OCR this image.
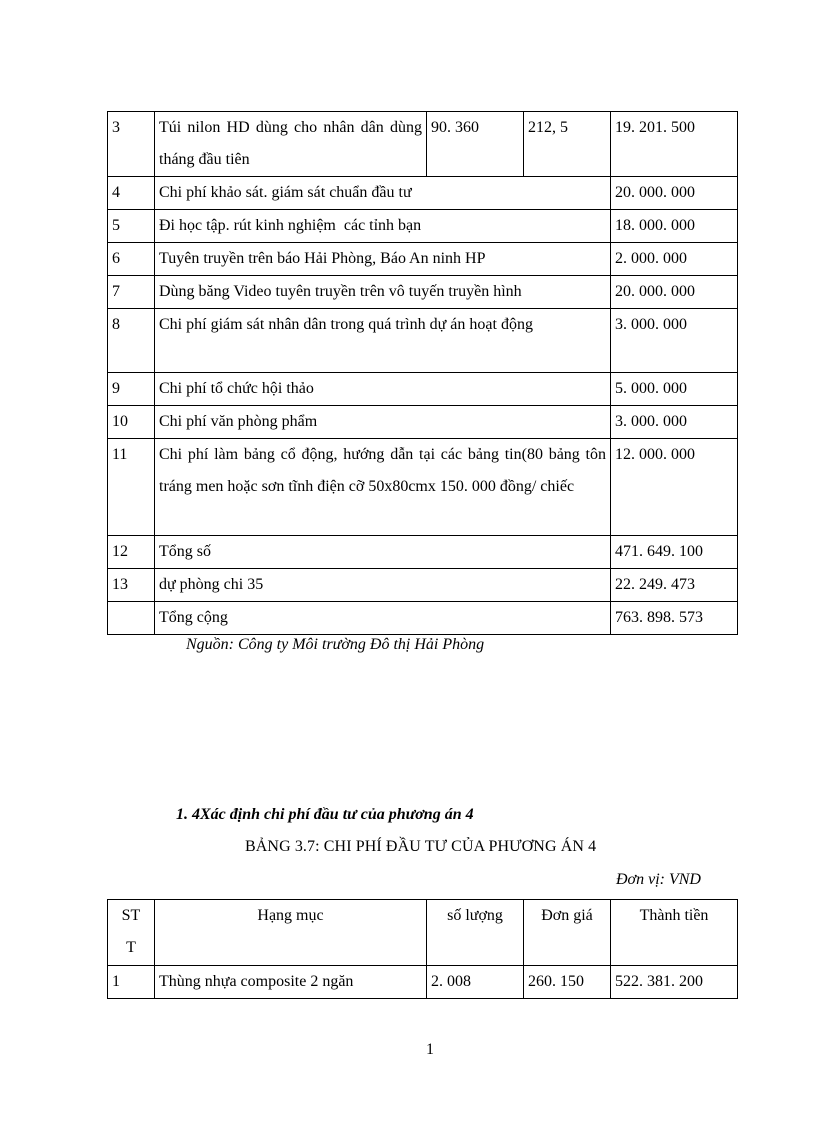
3	Túi nilon HD dùng cho nhân dân dùng tháng đầu tiên	90. 360	212, 5	19. 201. 500
4	Chi phí khảo sát. giám sát chuẩn đầu tư			20. 000. 000
5	Đi học tập. rút kinh nghiệm  các tỉnh bạn			18. 000. 000
6	Tuyên truyền trên báo Hải Phòng, Báo An ninh HP			2. 000. 000
7	Dùng băng Video tuyên truyền trên vô tuyến truyền hình			20. 000. 000
8	Chi phí giám sát nhân dân trong quá trình dự án hoạt động			3. 000. 000
9	Chi phí tổ chức hội thảo			5. 000. 000
10	Chi phí văn phòng phẩm			3. 000. 000
11	Chi phí làm bảng cổ động, hướng dẫn tại các bảng tin(80 bảng tôn tráng men hoặc sơn tĩnh điện cỡ 50x80cmx 150. 000 đồng/ chiếc			12. 000. 000
12	Tổng số			471. 649. 100
13	dự phòng chi 35			22. 249. 473
	Tổng cộng			763. 898. 573
Nguồn: Công ty Môi trường Đô thị Hải Phòng
1. 4Xác định chi phí đầu tư của phương án 4
BẢNG 3.7: CHI PHÍ ĐẦU TƯ CỦA PHƯƠNG ÁN 4
Đơn vị: VND
ST T	Hạng mục	số lượng	Đơn giá	Thành tiền
1	Thùng nhựa composite 2 ngăn	2. 008	260. 150	522. 381. 200
1
